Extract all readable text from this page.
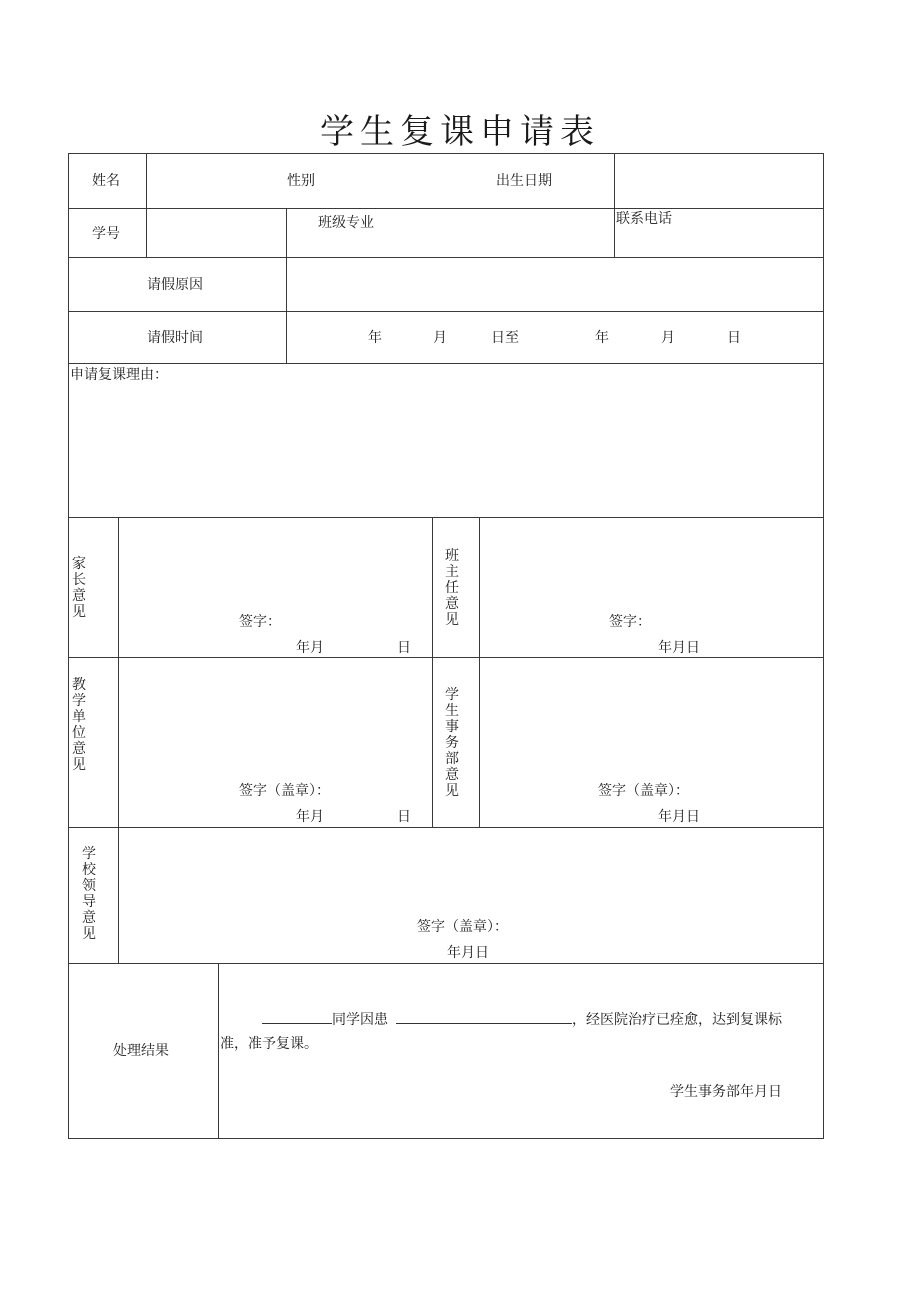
学生复课申请表
姓名	性别	出生日期
学号
班级专业	联系电话
请假原因
请假时间	年	月	日至	年	月	日
申请复课理由：
家长意见
签字：
年月	日
班主任意见	签字：
年月日
教学单位意见
签字（盖章）：
年月	日
学生事务部意见	签字（盖章）：
年月日
学校领导意见	签字（盖章）：
年月日
处理结果
同学因患	，经医院治疗已痊愈，达到复课标
准，准予复课。
学生事务部年月日
